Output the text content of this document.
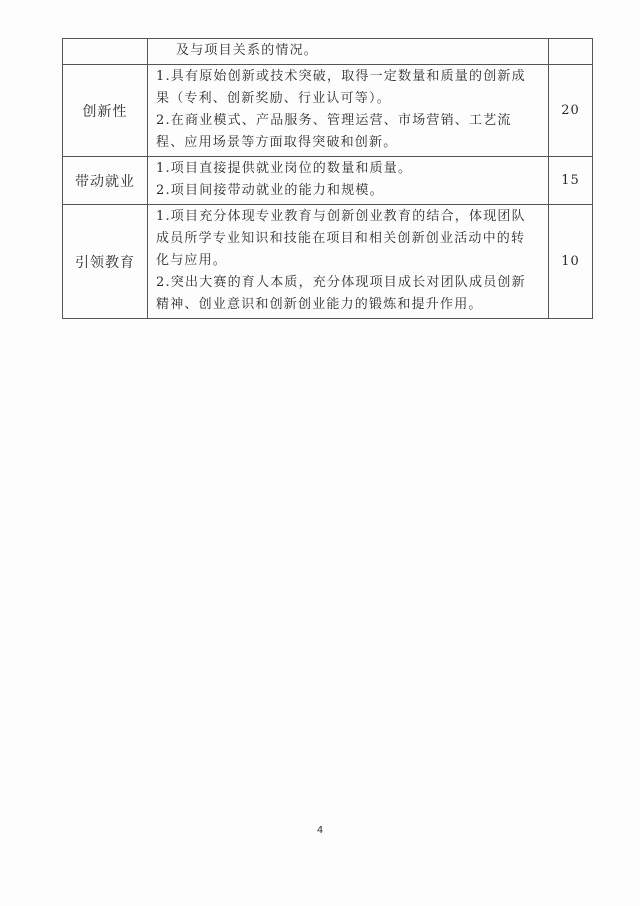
	及与项目关系的情况。	

创新性	1.具有原始创新或技术突破，取得一定数量和质量的创新成
果（专利、创新奖励、行业认可等）。
2.在商业模式、产品服务、管理运营、市场营销、工艺流
程、应用场景等方面取得突破和创新。	20
带动就业	1.项目直接提供就业岗位的数量和质量。
2.项目间接带动就业的能力和规模。	15
引领教育	1.项目充分体现专业教育与创新创业教育的结合，体现团队
成员所学专业知识和技能在项目和相关创新创业活动中的转
化与应用。
2.突出大赛的育人本质，充分体现项目成长对团队成员创新
精神、创业意识和创新创业能力的锻炼和提升作用。	10
4
